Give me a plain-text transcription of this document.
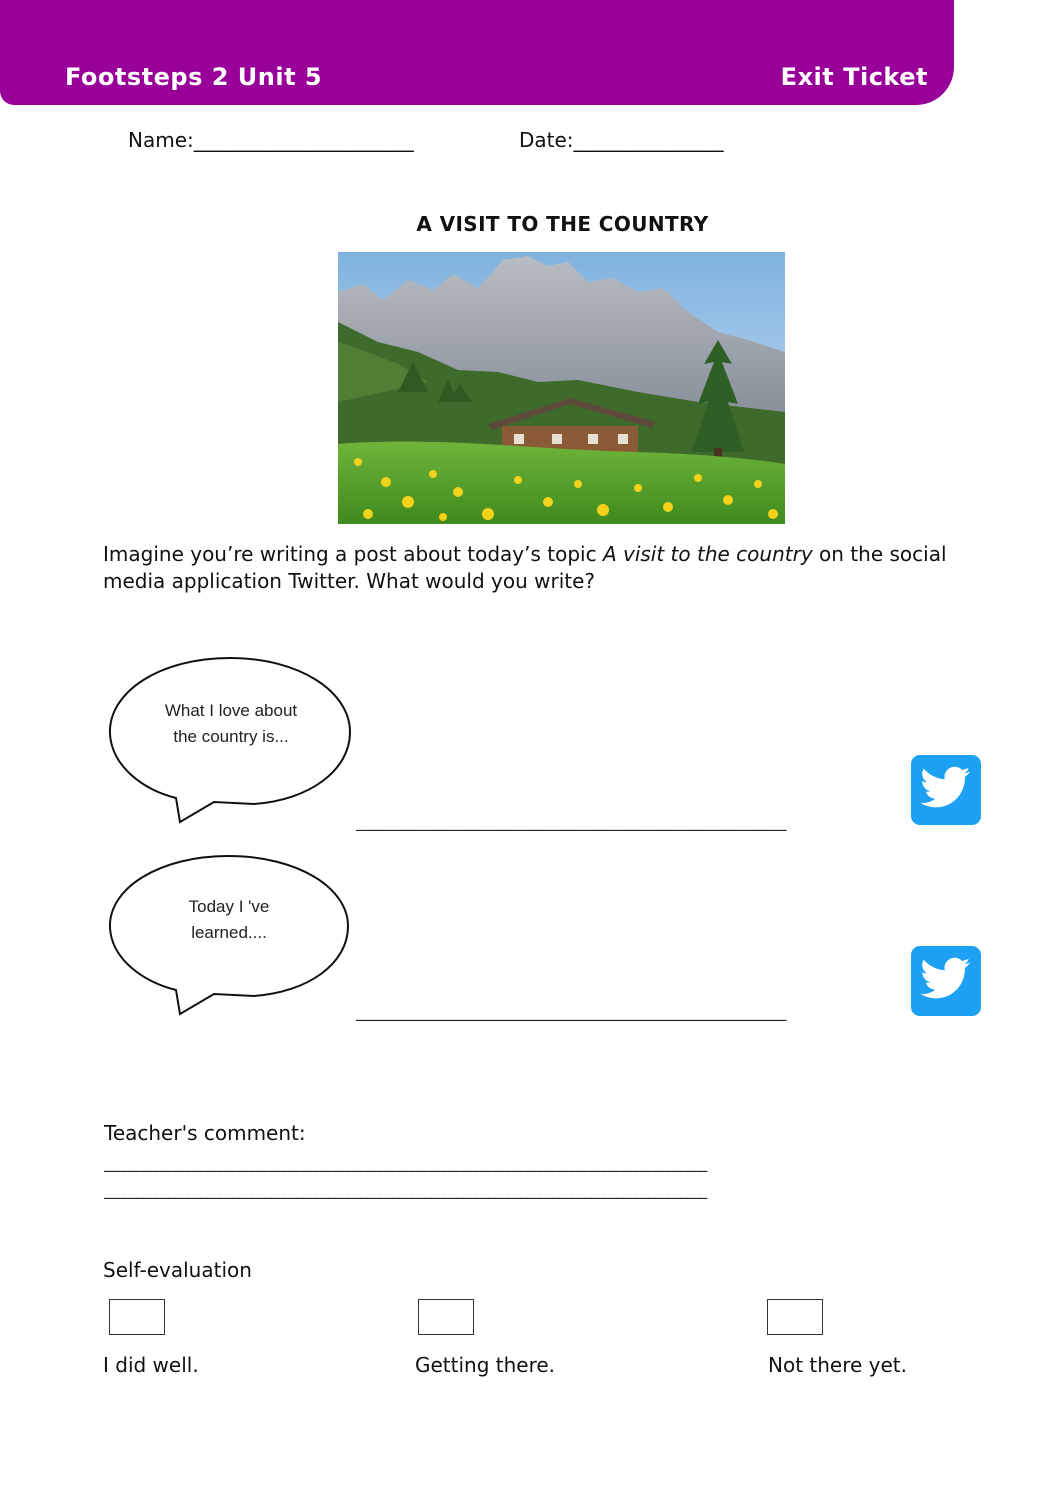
Footsteps 2 Unit 5	Exit Ticket
Name:______________________	Date:_______________
A VISIT TO THE COUNTRY
Imagine you’re writing a post about today’s topic A visit to the country on the social media application Twitter. What would you write?
What I love about
the country is...
___________________________________________________________________
Today I 've
learned....
___________________________________________________________________
Teacher's comment:
______________________________________________________________________________________________
______________________________________________________________________________________________
Self-evaluation
I did well.	Getting there.	Not there yet.
